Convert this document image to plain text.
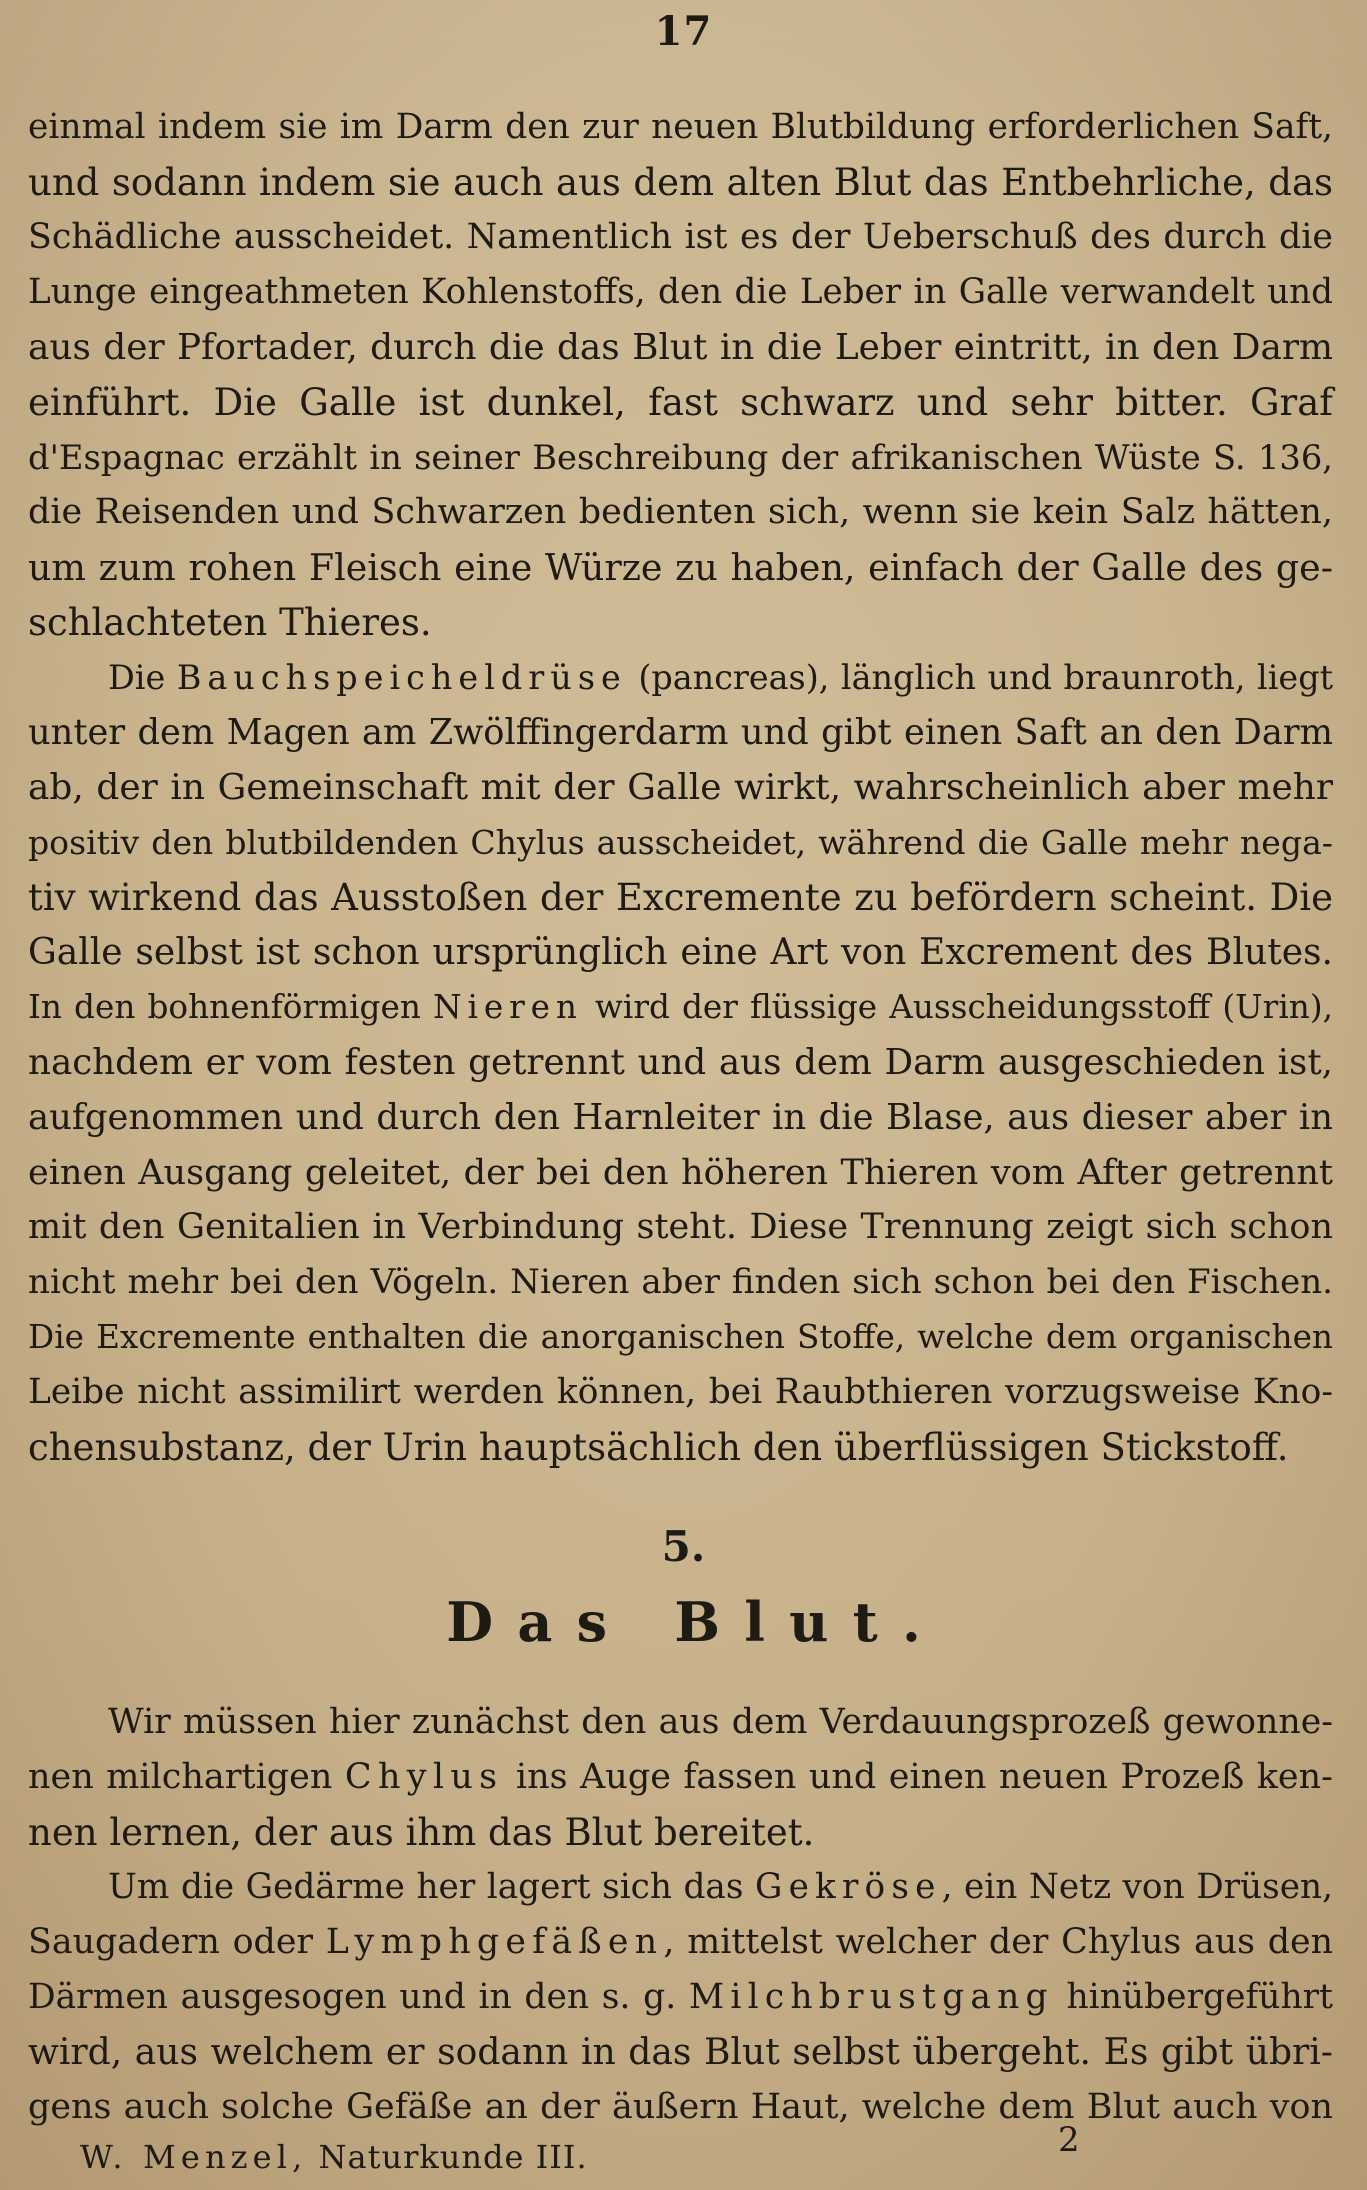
17
einmal indem sie im Darm den zur neuen Blutbildung erforderlichen Saft,
und sodann indem sie auch aus dem alten Blut das Entbehrliche, das
Schädliche ausscheidet. Namentlich ist es der Ueberschuß des durch die
Lunge eingeathmeten Kohlenstoffs, den die Leber in Galle verwandelt und
aus der Pfortader, durch die das Blut in die Leber eintritt, in den Darm
einführt. Die Galle ist dunkel, fast schwarz und sehr bitter. Graf
d'Espagnac erzählt in seiner Beschreibung der afrikanischen Wüste S. 136,
die Reisenden und Schwarzen bedienten sich, wenn sie kein Salz hätten,
um zum rohen Fleisch eine Würze zu haben, einfach der Galle des ge-
schlachteten Thieres.
Die Bauchspeicheldrüse (pancreas), länglich und braunroth, liegt
unter dem Magen am Zwölffingerdarm und gibt einen Saft an den Darm
ab, der in Gemeinschaft mit der Galle wirkt, wahrscheinlich aber mehr
positiv den blutbildenden Chylus ausscheidet, während die Galle mehr nega-
tiv wirkend das Ausstoßen der Excremente zu befördern scheint. Die
Galle selbst ist schon ursprünglich eine Art von Excrement des Blutes.
In den bohnenförmigen Nieren wird der flüssige Ausscheidungsstoff (Urin),
nachdem er vom festen getrennt und aus dem Darm ausgeschieden ist,
aufgenommen und durch den Harnleiter in die Blase, aus dieser aber in
einen Ausgang geleitet, der bei den höheren Thieren vom After getrennt
mit den Genitalien in Verbindung steht. Diese Trennung zeigt sich schon
nicht mehr bei den Vögeln. Nieren aber finden sich schon bei den Fischen.
Die Excremente enthalten die anorganischen Stoffe, welche dem organischen
Leibe nicht assimilirt werden können, bei Raubthieren vorzugsweise Kno-
chensubstanz, der Urin hauptsächlich den überflüssigen Stickstoff.
5.
Das Blut.
Wir müssen hier zunächst den aus dem Verdauungsprozeß gewonne-
nen milchartigen Chylus ins Auge fassen und einen neuen Prozeß ken-
nen lernen, der aus ihm das Blut bereitet.
Um die Gedärme her lagert sich das Gekröse, ein Netz von Drüsen,
Saugadern oder Lymphgefäßen, mittelst welcher der Chylus aus den
Därmen ausgesogen und in den s. g. Milchbrustgang hinübergeführt
wird, aus welchem er sodann in das Blut selbst übergeht. Es gibt übri-
gens auch solche Gefäße an der äußern Haut, welche dem Blut auch von
W. Menzel, Naturkunde III.	2
